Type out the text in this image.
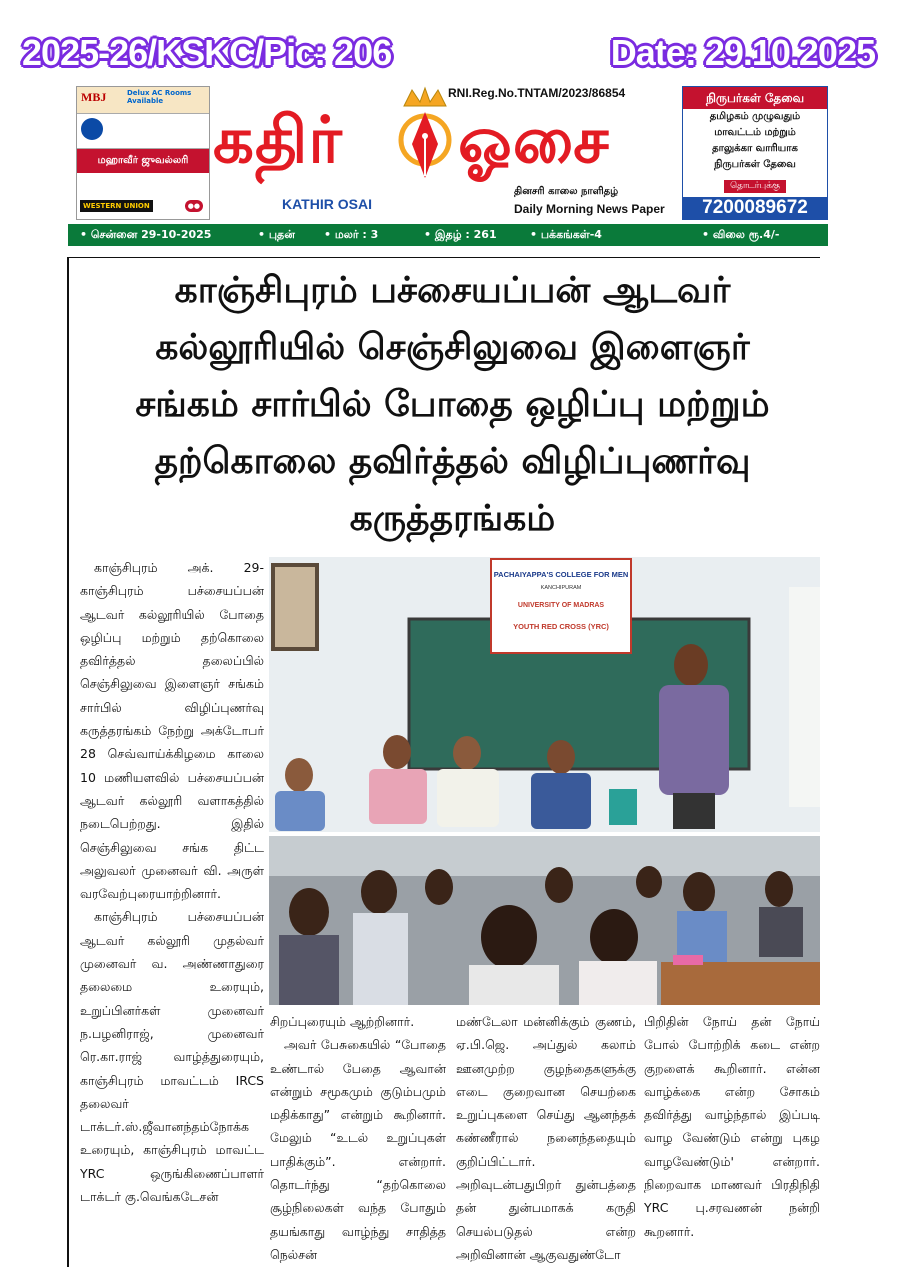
2025-26/KSKC/Pic: 206	Date: 29.10.2025
MBJ	Delux AC Rooms Available
மஹாவீர் ஜுவல்லரி
WESTERN UNION	●●
RNI.Reg.No.TNTAM/2023/86854
கதிர் ஓசை
KATHIR OSAI
தினசரி காலை நாளிதழ்
Daily Morning News Paper
நிருபர்கள் தேவை
தமிழகம் முழுவதும்
மாவட்டம் மற்றும்
தாலுக்கா வாரியாக
நிருபர்கள் தேவை
தொடர்புக்கு
7200089672
• சென்னை 29-10-2025	• புதன்	• மலர் : 3	• இதழ் : 261	• பக்கங்கள்-4	• விலை ரூ.4/-
காஞ்சிபுரம் பச்சையப்பன் ஆடவர்
கல்லூரியில் செஞ்சிலுவை இளைஞர்
சங்கம் சார்பில் போதை ஒழிப்பு மற்றும்
தற்கொலை தவிர்த்தல் விழிப்புணர்வு
கருத்தரங்கம்

காஞ்சிபுரம் அக். 29- காஞ்சிபுரம் பச்சையப்பன் ஆடவர் கல்லூரியில் போதை ஒழிப்பு மற்றும் தற்கொலை தவிர்த்தல் தலைப்பில் செஞ்சிலுவை இளைஞர் சங்கம் சார்பில் விழிப்புணர்வு கருத்தரங்கம் நேற்று அக்டோபர் 28 செவ்வாய்க்கிழமை காலை 10 மணியளவில் பச்சையப்பன் ஆடவர் கல்லூரி வளாகத்தில் நடைபெற்றது. இதில் செஞ்சிலுவை சங்க திட்ட அலுவலர் முனைவர் வி. அருள் வரவேற்புரையாற்றினார்.

காஞ்சிபுரம் பச்சையப்பன் ஆடவர் கல்லூரி முதல்வர் முனைவர் வ. அண்ணாதுரை தலைமை உரையும், உறுப்பினர்கள் முனைவர் ந.பழனிராஜ், முனைவர் ரெ.கா.ராஜ் வாழ்த்துரையும், காஞ்சிபுரம் மாவட்டம் IRCS தலைவர் டாக்டர்.ஸ்.ஜீவானந்தம்நோக்க உரையும், காஞ்சிபுரம் மாவட்ட YRC ஒருங்கிணைப்பாளர் டாக்டர் கு.வெங்கடேசன்

PACHAIYAPPA'S COLLEGE FOR MEN
KANCHIPURAM
UNIVERSITY OF MADRAS
YOUTH RED CROSS (YRC)

சிறப்புரையும் ஆற்றினார்.

அவர் பேசுகையில் “போதை உண்டால் பேதை ஆவான் என்றும் சமூகமும் குடும்பமும் மதிக்காது” என்றும் கூறினார். மேலும் “உடல் உறுப்புகள் பாதிக்கும்”. என்றார். தொடர்ந்து “தற்கொலை சூழ்நிலைகள் வந்த போதும் தயங்காது வாழ்ந்து சாதித்த நெல்சன்

மண்டேலா மன்னிக்கும் குணம், ஏ.பி.ஜெ. அப்துல் கலாம் ஊனமுற்ற குழந்தைகளுக்கு எடை குறைவான செயற்கை உறுப்புகளை செய்து ஆனந்தக் கண்ணீரால் நனைந்ததையும் குறிப்பிட்டார். அறிவுடன்பதுபிறர் துன்பத்தை தன் துன்பமாகக் கருதி செயல்படுதல் என்ற அறிவினான் ஆகுவதுண்டோ

பிறிதின் நோய் தன் நோய் போல் போற்றிக் கடை என்ற குறளைக் கூறினார். என்ன வாழ்க்கை என்ற சோகம் தவிர்த்து வாழ்ந்தால் இப்படி வாழ வேண்டும் என்று புகழ வாழவேண்டும்' என்றார். நிறைவாக மாணவர் பிரதிநிதி YRC பு.சரவணன் நன்றி கூறனார்.
